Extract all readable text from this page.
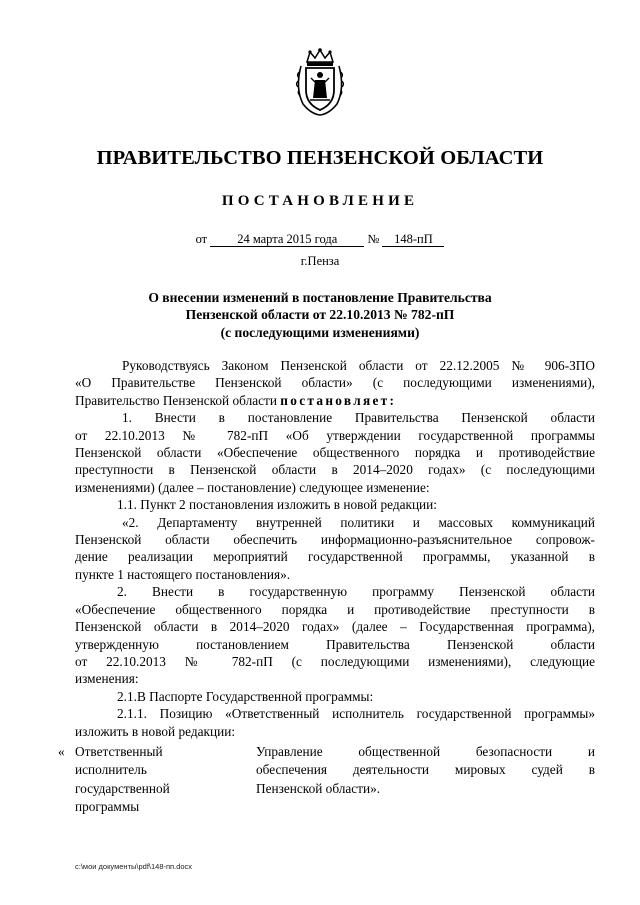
ПРАВИТЕЛЬСТВО ПЕНЗЕНСКОЙ ОБЛАСТИ
ПОСТАНОВЛЕНИЕ
от 24 марта 2015 года № 148-пП
г.Пенза
О внесении изменений в постановление Правительства
Пензенской области от 22.10.2013 № 782-пП
(с последующими изменениями)

Руководствуясь Законом Пензенской области от 22.12.2005 № 906-ЗПО

«О Правительстве Пензенской области» (с последующими изменениями),

Правительство Пензенской области постановляет:

1. Внести в постановление Правительства Пензенской области

от 22.10.2013 № 782-пП «Об утверждении государственной программы

Пензенской области «Обеспечение общественного порядка и противодействие

преступности в Пензенской области в 2014–2020 годах» (с последующими

изменениями) (далее – постановление) следующее изменение:

1.1. Пункт 2 постановления изложить в новой редакции:

«2. Департаменту внутренней политики и массовых коммуникаций

Пензенской области обеспечить информационно-разъяснительное сопровож-

дение реализации мероприятий государственной программы, указанной в

пункте 1 настоящего постановления».

2. Внести в государственную программу Пензенской области

«Обеспечение общественного порядка и противодействие преступности в

Пензенской области в 2014–2020 годах» (далее – Государственная программа),

утвержденную постановлением Правительства Пензенской области

от 22.10.2013 № 782-пП (с последующими изменениями), следующие

изменения:

2.1.В Паспорте Государственной программы:

2.1.1. Позицию «Ответственный исполнитель государственной программы»

изложить в новой редакции:

« Ответственный исполнитель государственной программы
Управление общественной безопасности и
обеспечения деятельности мировых судей в
Пензенской области».
c:\мои документы\pdf\148-пп.docx
